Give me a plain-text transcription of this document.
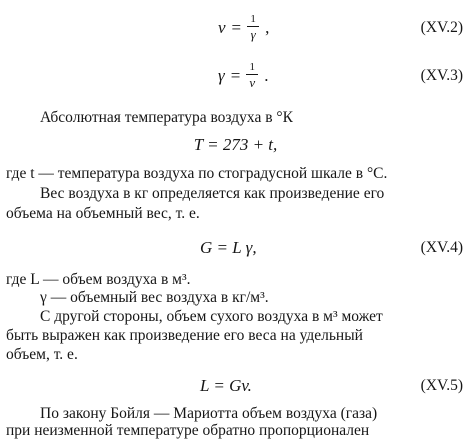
$v = \frac{1}{\gamma}$ ,	(XV.2)
$\gamma = \frac{1}{v}$ .	(XV.3)
Абсолютная температура воздуха в °К
T = 273 + t,
где t — температура воздуха по стоградусной шкале в °С.
Вес воздуха в кг определяется как произведение его
объема на объемный вес, т. е.
G = L γ,	(XV.4)
где L — объем воздуха в м³.
γ — объемный вес воздуха в кг/м³.
С другой стороны, объем сухого воздуха в м³ может
быть выражен как произведение его веса на удельный
объем, т. е.
L = Gv.	(XV.5)
По закону Бойля — Мариотта объем воздуха (газа)
при неизменной температуре обратно пропорционален
